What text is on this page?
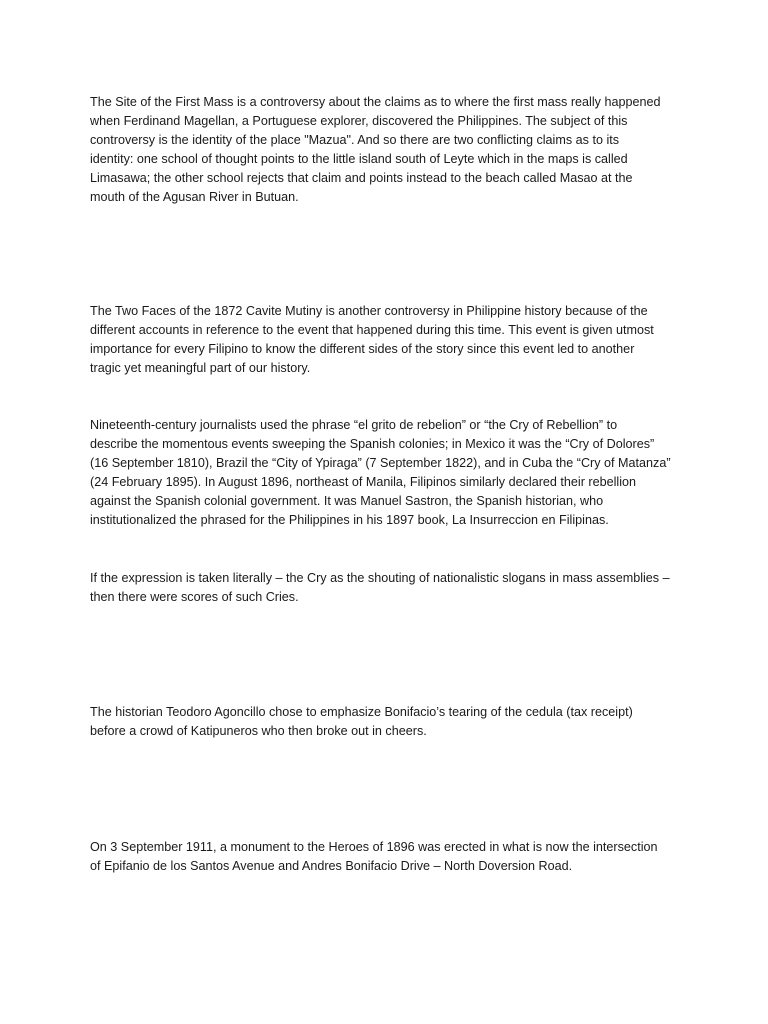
The Site of the First Mass is a controversy about the claims as to where the first mass really happened
when Ferdinand Magellan, a Portuguese explorer, discovered the Philippines. The subject of this
controversy is the identity of the place "Mazua". And so there are two conflicting claims as to its
identity: one school of thought points to the little island south of Leyte which in the maps is called
Limasawa; the other school rejects that claim and points instead to the beach called Masao at the
mouth of the Agusan River in Butuan.

The Two Faces of the 1872 Cavite Mutiny is another controversy in Philippine history because of the
different accounts in reference to the event that happened during this time. This event is given utmost
importance for every Filipino to know the different sides of the story since this event led to another
tragic yet meaningful part of our history.

Nineteenth-century journalists used the phrase “el grito de rebelion” or “the Cry of Rebellion” to
describe the momentous events sweeping the Spanish colonies; in Mexico it was the “Cry of Dolores”
(16 September 1810), Brazil the “City of Ypiraga” (7 September 1822), and in Cuba the “Cry of Matanza”
(24 February 1895). In August 1896, northeast of Manila, Filipinos similarly declared their rebellion
against the Spanish colonial government. It was Manuel Sastron, the Spanish historian, who
institutionalized the phrased for the Philippines in his 1897 book, La Insurreccion en Filipinas.

If the expression is taken literally – the Cry as the shouting of nationalistic slogans in mass assemblies –
then there were scores of such Cries.

The historian Teodoro Agoncillo chose to emphasize Bonifacio’s tearing of the cedula (tax receipt)
before a crowd of Katipuneros who then broke out in cheers.

On 3 September 1911, a monument to the Heroes of 1896 was erected in what is now the intersection
of Epifanio de los Santos Avenue and Andres Bonifacio Drive – North Doversion Road.
